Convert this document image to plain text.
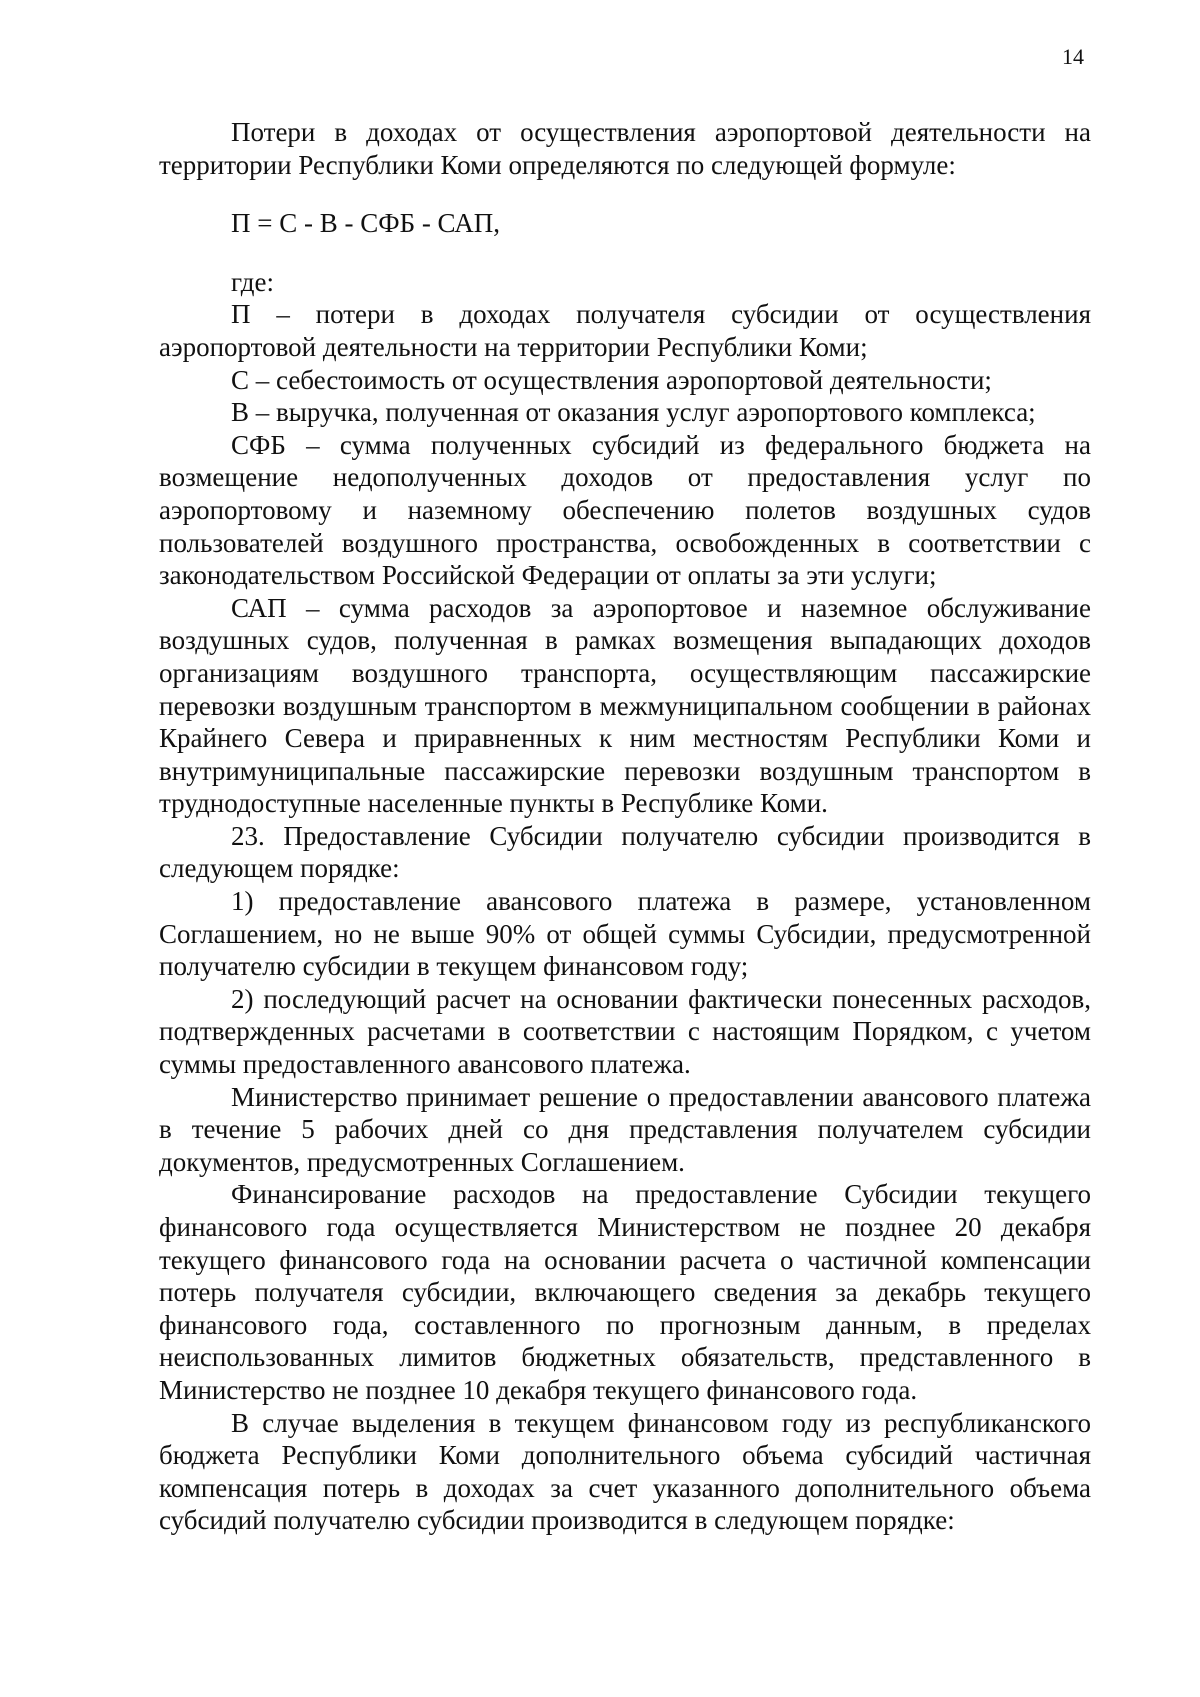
14

Потери в доходах от осуществления аэропортовой деятельности на территории Республики Коми определяются по следующей формуле:

П = С - В - СФБ - САП,

где:

П – потери в доходах получателя субсидии от осуществления аэропортовой деятельности на территории Республики Коми;

С – себестоимость от осуществления аэропортовой деятельности;

В – выручка, полученная от оказания услуг аэропортового комплекса;

СФБ – сумма полученных субсидий из федерального бюджета на возмещение недополученных доходов от предоставления услуг по аэропортовому и наземному обеспечению полетов воздушных судов пользователей воздушного пространства, освобожденных в соответствии с законодательством Российской Федерации от оплаты за эти услуги;

САП – сумма расходов за аэропортовое и наземное обслуживание воздушных судов, полученная в рамках возмещения выпадающих доходов организациям воздушного транспорта, осуществляющим пассажирские перевозки воздушным транспортом в межмуниципальном сообщении в районах Крайнего Севера и приравненных к ним местностям Республики Коми и внутримуниципальные пассажирские перевозки воздушным транспортом в труднодоступные населенные пункты в Республике Коми.

23. Предоставление Субсидии получателю субсидии производится в следующем порядке:

1) предоставление авансового платежа в размере, установленном Соглашением, но не выше 90% от общей суммы Субсидии, предусмотренной получателю субсидии в текущем финансовом году;

2) последующий расчет на основании фактически понесенных расходов, подтвержденных расчетами в соответствии с настоящим Порядком, с учетом суммы предоставленного авансового платежа.

Министерство принимает решение о предоставлении авансового платежа в течение 5 рабочих дней со дня представления получателем субсидии документов, предусмотренных Соглашением.

Финансирование расходов на предоставление Субсидии текущего финансового года осуществляется Министерством не позднее 20 декабря текущего финансового года на основании расчета о частичной компенсации потерь получателя субсидии, включающего сведения за декабрь текущего финансового года, составленного по прогнозным данным, в пределах неиспользованных лимитов бюджетных обязательств, представленного в Министерство не позднее 10 декабря текущего финансового года.

В случае выделения в текущем финансовом году из республиканского бюджета Республики Коми дополнительного объема субсидий частичная компенсация потерь в доходах за счет указанного дополнительного объема субсидий получателю субсидии производится в следующем порядке:
